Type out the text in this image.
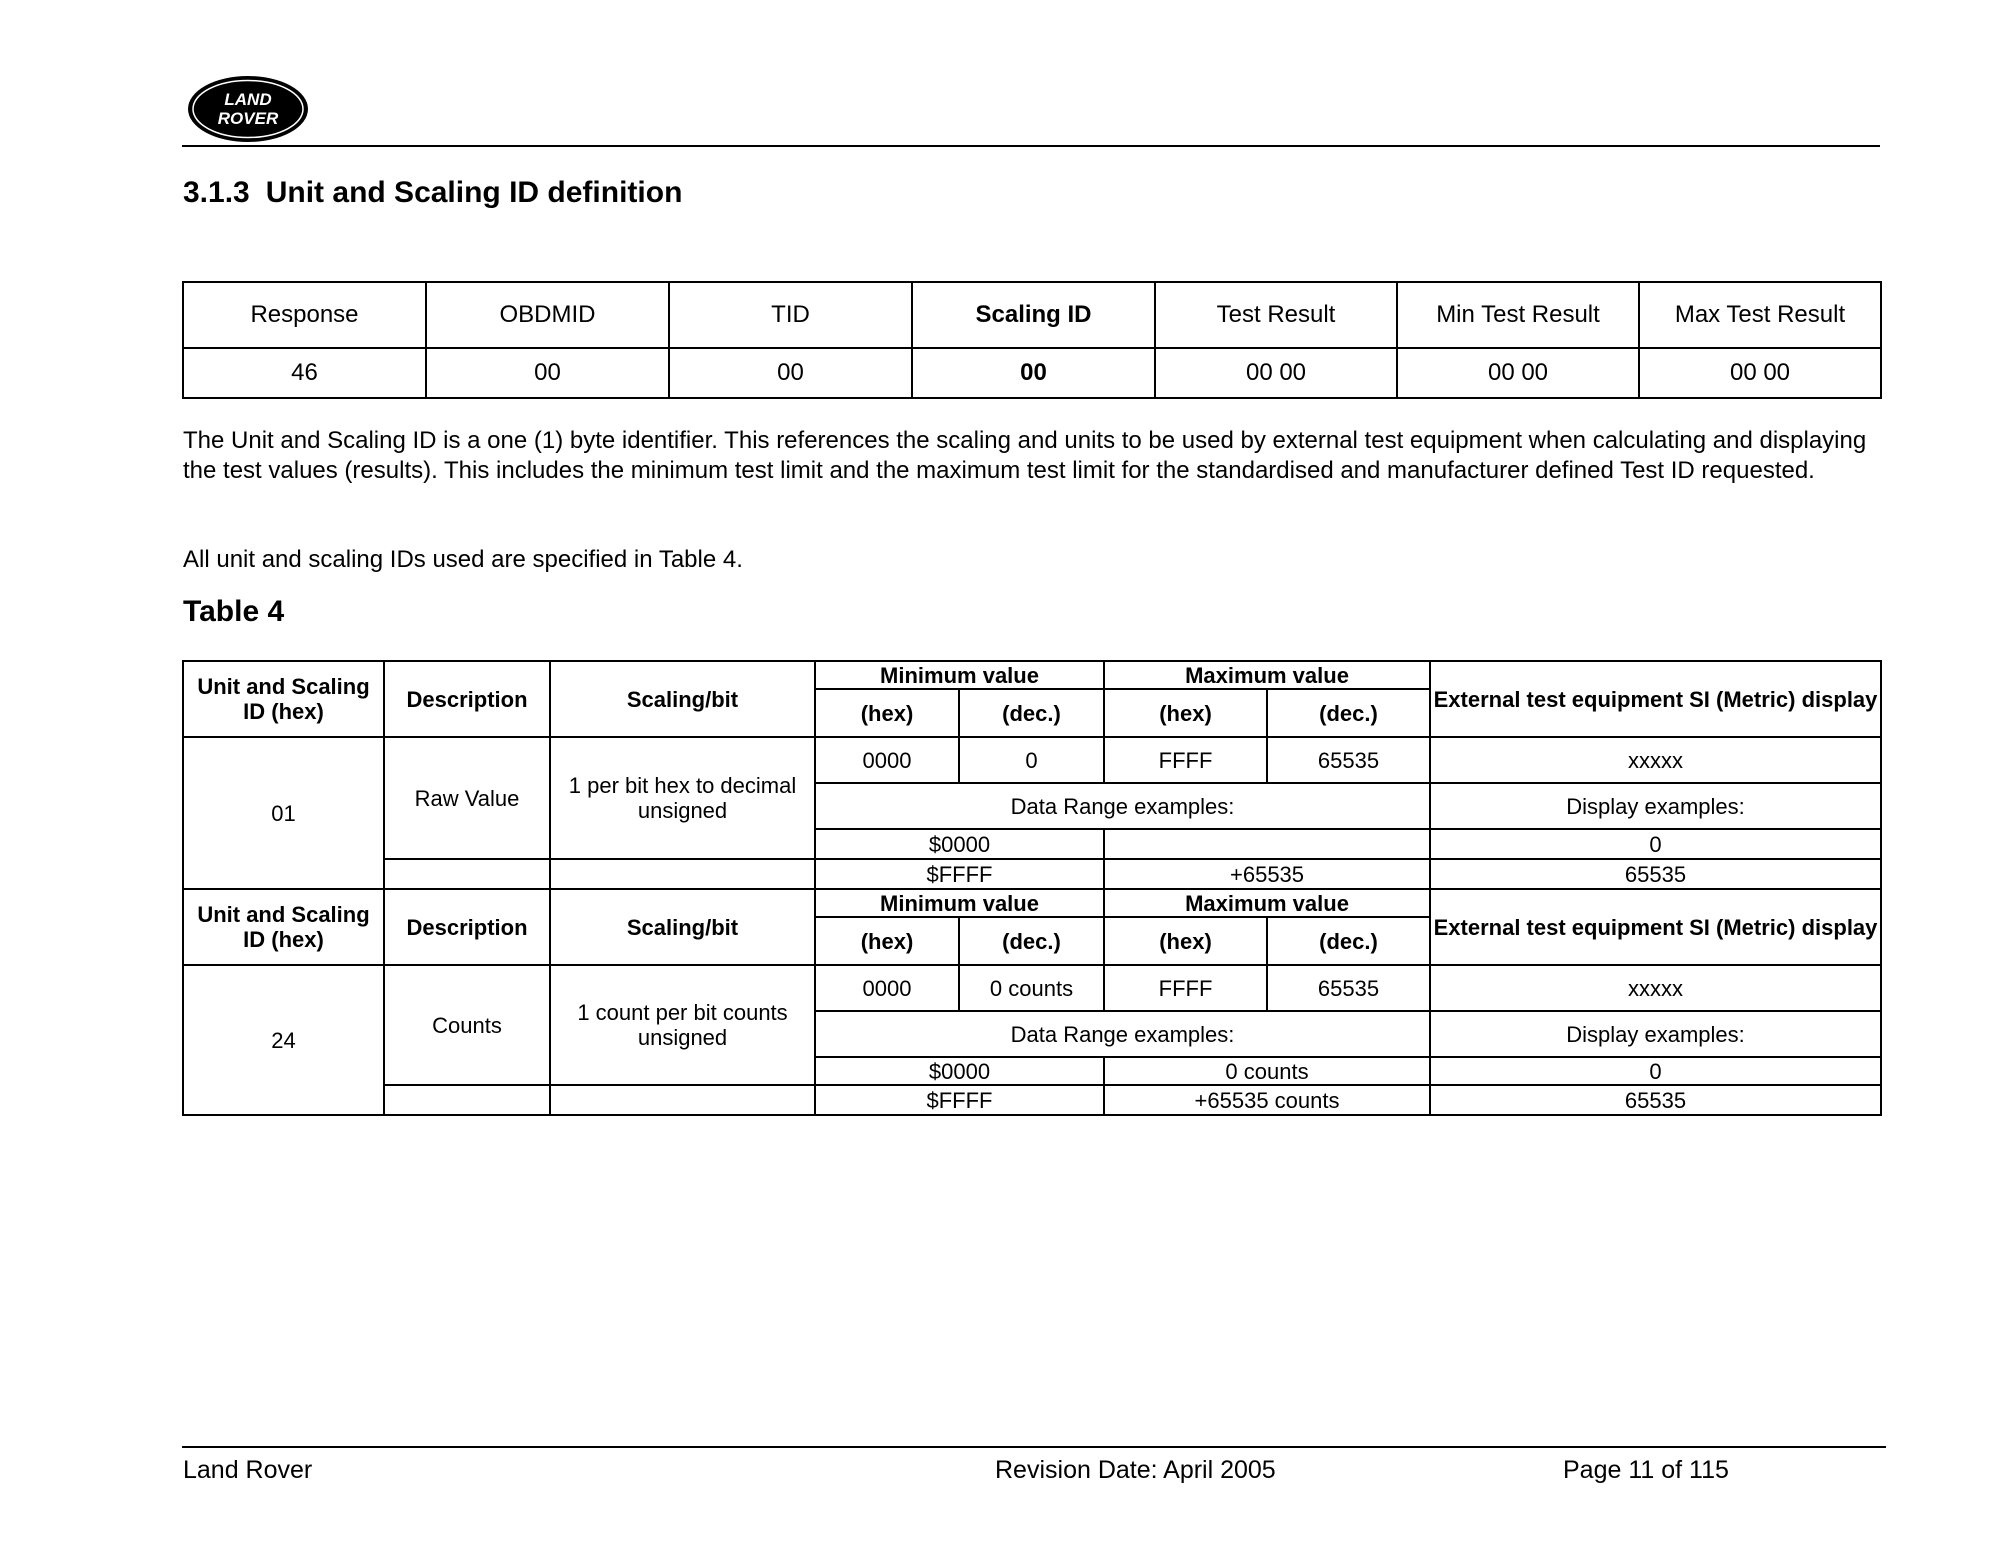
LAND
ROVER
3.1.3 Unit and Scaling ID definition
Response	OBDMID	TID	Scaling ID	Test Result	Min Test Result	Max Test Result
46	00	00	00	00 00	00 00	00 00

The Unit and Scaling ID is a one (1) byte identifier. This references the scaling and units to be used by external test equipment when calculating and displaying the test values (results). This includes the minimum test limit and the maximum test limit for the standardised and manufacturer defined Test ID requested.

All unit and scaling IDs used are specified in Table 4.

Table 4
Unit and Scaling ID (hex)	Description	Scaling/bit	Minimum value		Maximum value		External test equipment SI (Metric) display
			(hex)	(dec.)	(hex)	(dec.)	
01	Raw Value	1 per bit hex to decimal unsigned	0000	0	FFFF	65535	xxxxx
			Data Range examples:				Display examples:
			$0000				0
			$FFFF		+65535		65535
Unit and Scaling ID (hex)	Description	Scaling/bit	Minimum value		Maximum value		External test equipment SI (Metric) display
			(hex)	(dec.)	(hex)	(dec.)	
24	Counts	1 count per bit counts unsigned	0000	0 counts	FFFF	65535	xxxxx
			Data Range examples:				Display examples:
			$0000		0 counts		0
			$FFFF		+65535 counts		65535

Land Rover	Revision Date: April 2005	Page 11 of 115
